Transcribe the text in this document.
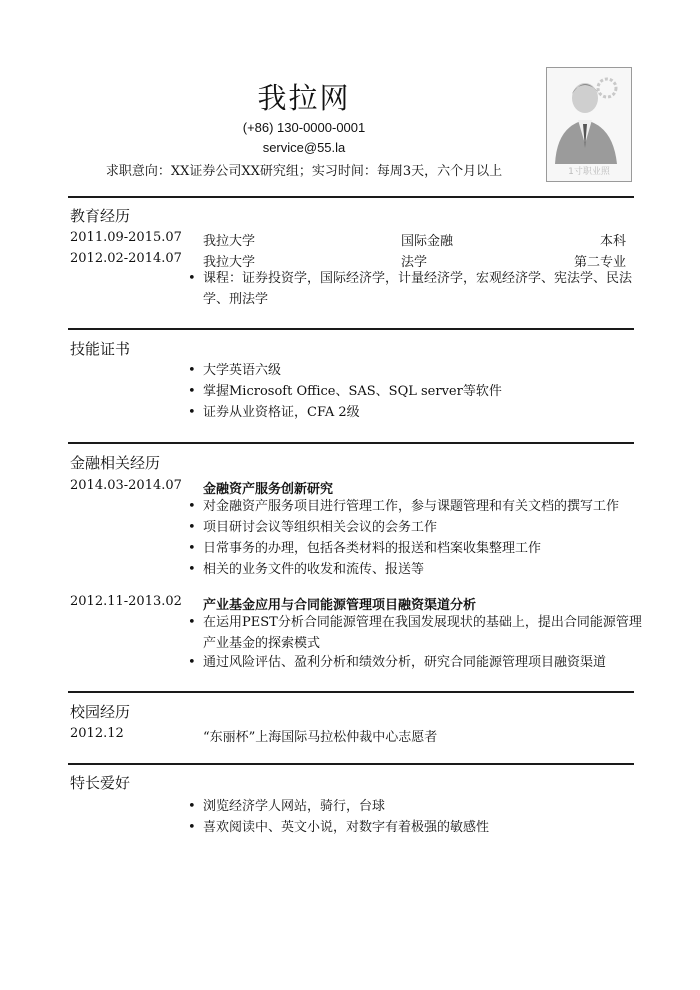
我拉网
(+86) 130-0000-0001
service@55.la
求职意向：XX证券公司XX研究组；实习时间：每周3天，六个月以上	1寸职业照
教育经历
2011.09-2015.07 我拉大学	国际金融	本科
2012.02-2014.07 我拉大学	法学	第二专业
• 课程：证券投资学，国际经济学，计量经济学，宏观经济学、宪法学、民法学、刑法学
技能证书
• 大学英语六级
• 掌握Microsoft Office、SAS、SQL server等软件
• 证券从业资格证，CFA 2级
金融相关经历
2014.03-2014.07 金融资产服务创新研究
• 对金融资产服务项目进行管理工作，参与课题管理和有关文档的撰写工作
• 项目研讨会议等组织相关会议的会务工作
• 日常事务的办理，包括各类材料的报送和档案收集整理工作
• 相关的业务文件的收发和流传、报送等
2012.11-2013.02 产业基金应用与合同能源管理项目融资渠道分析
• 在运用PEST分析合同能源管理在我国发展现状的基础上，提出合同能源管理产业基金的探索模式
• 通过风险评估、盈利分析和绩效分析，研究合同能源管理项目融资渠道
校园经历
2012.12	“东丽杯”上海国际马拉松仲裁中心志愿者
特长爱好
• 浏览经济学人网站，骑行，台球
• 喜欢阅读中、英文小说，对数字有着极强的敏感性
